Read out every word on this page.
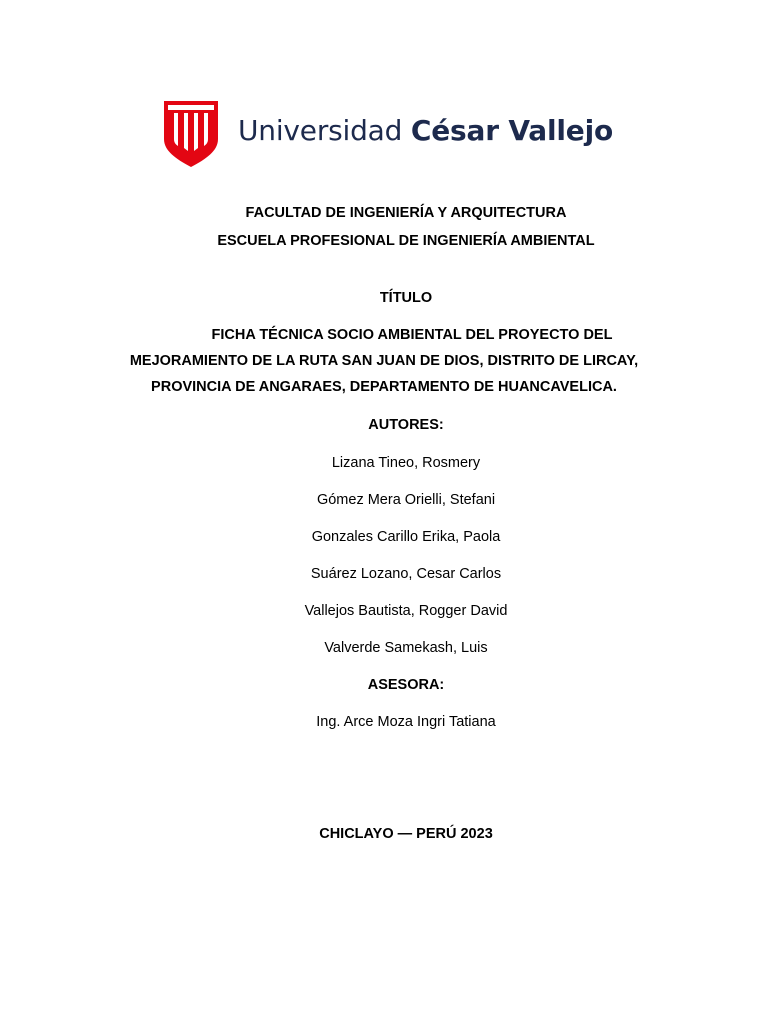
Universidad César Vallejo
FACULTAD DE INGENIERÍA Y ARQUITECTURA
ESCUELA PROFESIONAL DE INGENIERÍA AMBIENTAL
TÍTULO
FICHA TÉCNICA SOCIO AMBIENTAL DEL PROYECTO DEL
MEJORAMIENTO DE LA RUTA SAN JUAN DE DIOS, DISTRITO DE LIRCAY,
PROVINCIA DE ANGARAES, DEPARTAMENTO DE HUANCAVELICA.
AUTORES:
Lizana Tineo, Rosmery
Gómez Mera Orielli, Stefani
Gonzales Carillo Erika, Paola
Suárez Lozano, Cesar Carlos
Vallejos Bautista, Rogger David
Valverde Samekash, Luis
ASESORA:
Ing. Arce Moza Ingri Tatiana
CHICLAYO — PERÚ 2023
